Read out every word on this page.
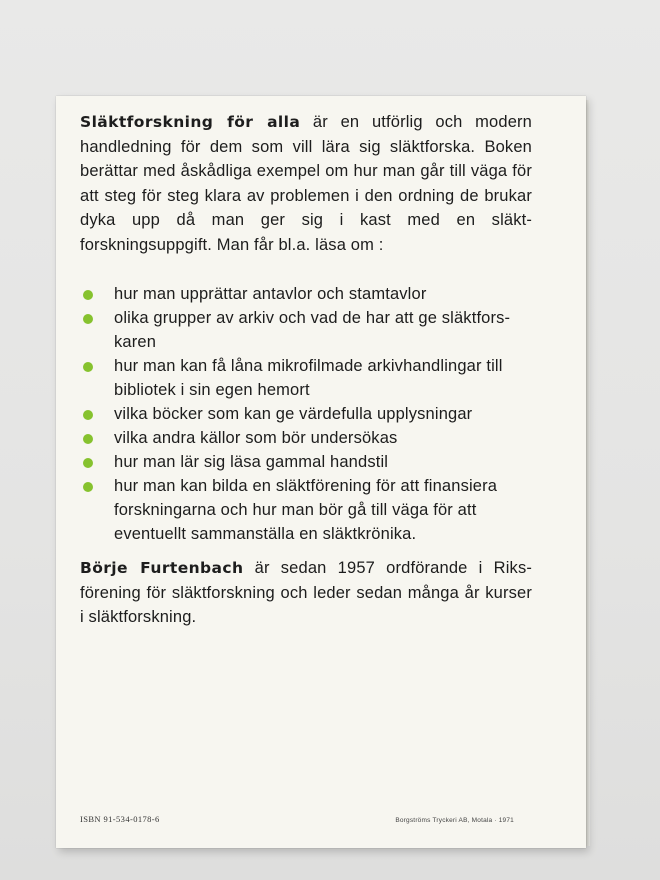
Släktforskning för alla är en utförlig och modern handledning för dem som vill lära sig släktforska. Boken berättar med åskådliga exempel om hur man går till väga för att steg för steg klara av problemen i den ordning de brukar dyka upp då man ger sig i kast med en släkt-forskningsuppgift. Man får bl.a. läsa om :

hur man upprättar antavlor och stamtavlor
olika grupper av arkiv och vad de har att ge släktfors-karen
hur man kan få låna mikrofilmade arkivhandlingar till bibliotek i sin egen hemort
vilka böcker som kan ge värdefulla upplysningar
vilka andra källor som bör undersökas
hur man lär sig läsa gammal handstil
hur man kan bilda en släktförening för att finansiera forskningarna och hur man bör gå till väga för att eventuellt sammanställa en släktkrönika.

Börje Furtenbach är sedan 1957 ordförande i Riks-förening för släktforskning och leder sedan många år kurser i släktforskning.

ISBN 91-534-0178-6	Borgströms Tryckeri AB, Motala · 1971
